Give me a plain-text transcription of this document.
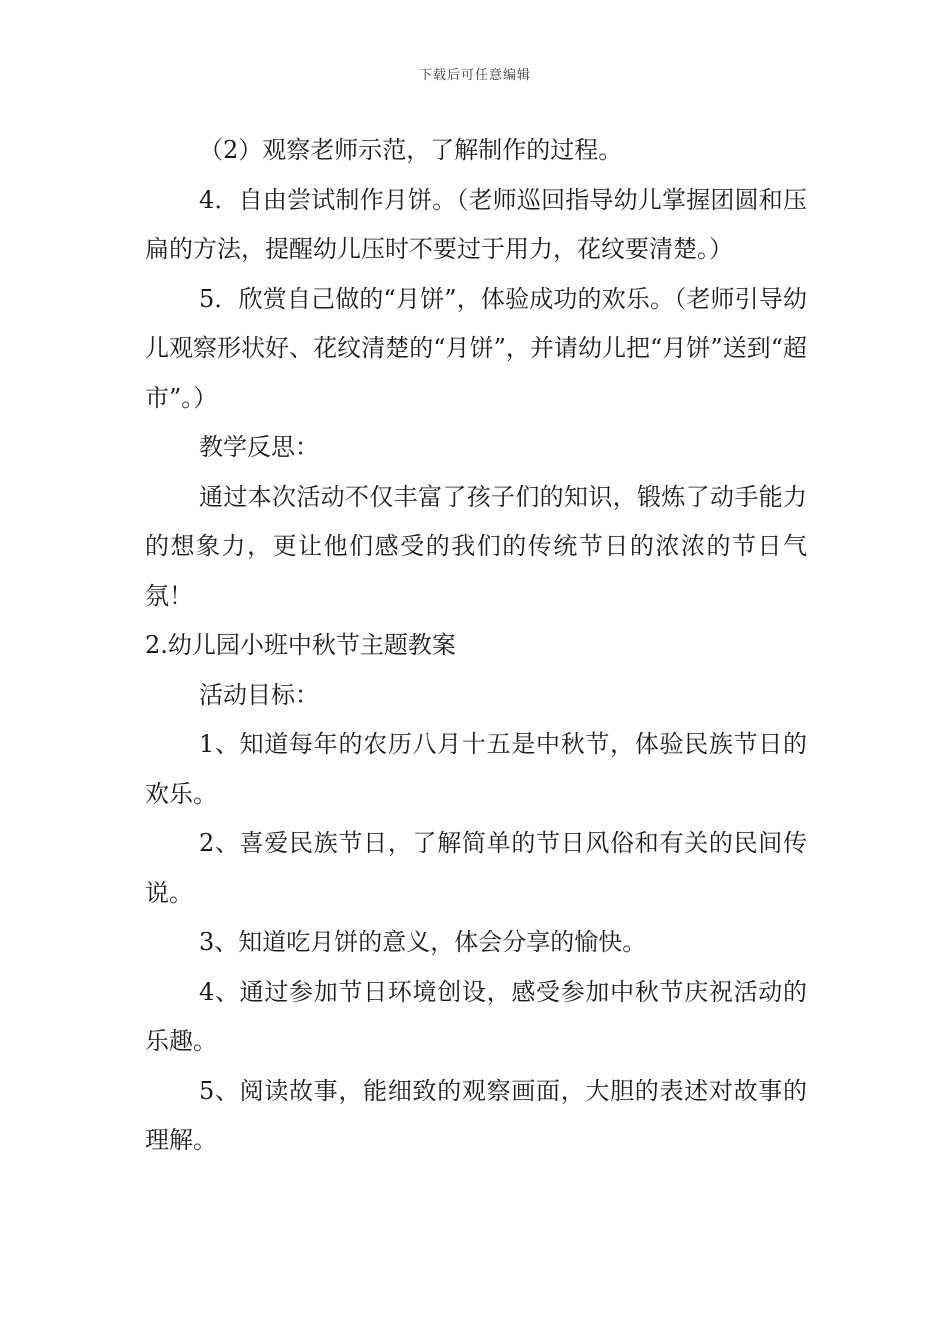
下载后可任意编辑

（2）观察老师示范，了解制作的过程。

4．自由尝试制作月饼。（老师巡回指导幼儿掌握团圆和压扁的方法，提醒幼儿压时不要过于用力，花纹要清楚。）

5．欣赏自己做的“月饼”，体验成功的欢乐。（老师引导幼儿观察形状好、花纹清楚的“月饼”，并请幼儿把“月饼”送到“超市”。）

教学反思：

通过本次活动不仅丰富了孩子们的知识，锻炼了动手能力的想象力，更让他们感受的我们的传统节日的浓浓的节日气氛！

2.幼儿园小班中秋节主题教案

活动目标：

1、知道每年的农历八月十五是中秋节，体验民族节日的欢乐。

2、喜爱民族节日，了解简单的节日风俗和有关的民间传说。

3、知道吃月饼的意义，体会分享的愉快。

4、通过参加节日环境创设，感受参加中秋节庆祝活动的乐趣。

5、阅读故事，能细致的观察画面，大胆的表述对故事的理解。
